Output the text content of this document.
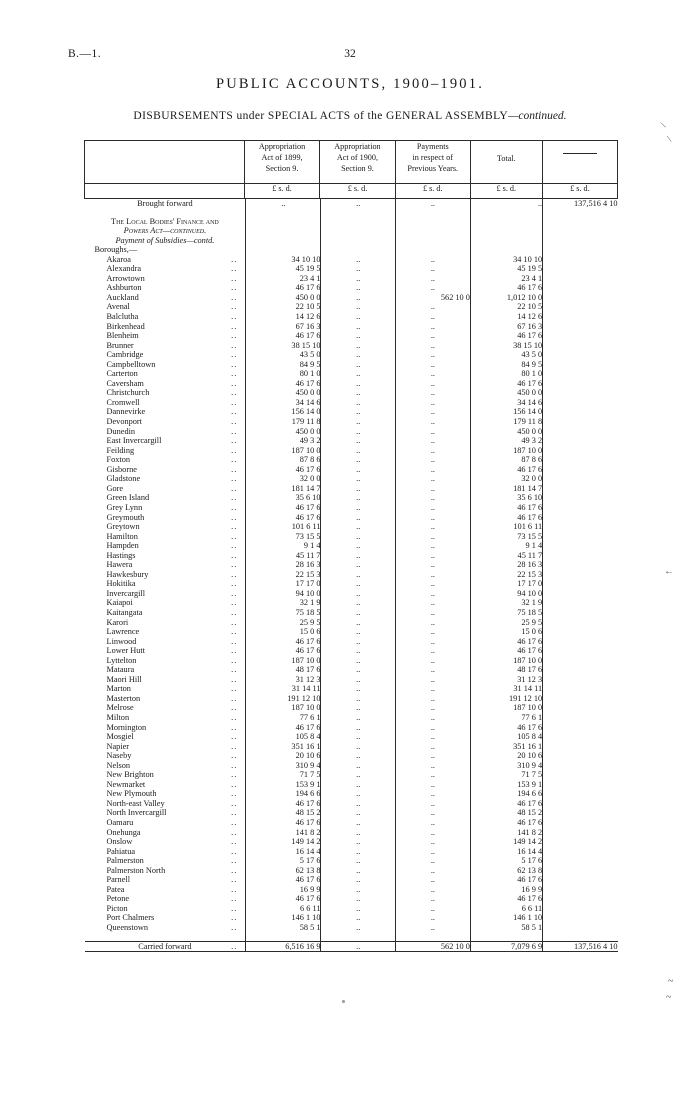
B.—1.	32
PUBLIC ACCOUNTS, 1900–1901.
DISBURSEMENTS under SPECIAL ACTS of the GENERAL ASSEMBLY—continued.

Appropriation
Act of 1899,
Section 9.

Appropriation
Act of 1900,
Section 9.

Payments
in respect of
Previous Years.

Total.

	£ s. d.	£ s. d.	£ s. d.	£ s. d.	£ s. d.

Brought forward	..	..	..	..	137,516 4 10

The Local Bodies' Finance and					
Powers Act—continued.					
Payment of Subsidies—contd.					
Boroughs,—					
Akaroa	..	34 10 10	..	..	34 10 10	
Alexandra	..	45 19 5	..	..	45 19 5	
Arrowtown	..	23 4 1	..	..	23 4 1	
Ashburton	..	46 17 6	..	..	46 17 6	
Auckland	..	450 0 0	..	562 10 0	1,012 10 0	
Avenal	..	22 10 5	..	..	22 10 5	
Balclutha	..	14 12 6	..	..	14 12 6	
Birkenhead	..	67 16 3	..	..	67 16 3	
Blenheim	..	46 17 6	..	..	46 17 6	
Brunner	..	38 15 10	..	..	38 15 10	
Cambridge	..	43 5 0	..	..	43 5 0	
Campbelltown	..	84 9 5	..	..	84 9 5	
Carterton	..	80 1 0	..	..	80 1 0	
Caversham	..	46 17 6	..	..	46 17 6	
Christchurch	..	450 0 0	..	..	450 0 0	
Cromwell	..	34 14 6	..	..	34 14 6	
Dannevirke	..	156 14 0	..	..	156 14 0	
Devonport	..	179 11 8	..	..	179 11 8	
Dunedin	..	450 0 0	..	..	450 0 0	
East Invercargill	..	49 3 2	..	..	49 3 2	
Feilding	..	187 10 0	..	..	187 10 0	
Foxton	..	87 8 6	..	..	87 8 6	
Gisborne	..	46 17 6	..	..	46 17 6	
Gladstone	..	32 0 0	..	..	32 0 0	
Gore	..	181 14 7	..	..	181 14 7	
Green Island	..	35 6 10	..	..	35 6 10	
Grey Lynn	..	46 17 6	..	..	46 17 6	
Greymouth	..	46 17 6	..	..	46 17 6	
Greytown	..	101 6 11	..	..	101 6 11	
Hamilton	..	73 15 5	..	..	73 15 5	
Hampden	..	9 1 4	..	..	9 1 4	
Hastings	..	45 11 7	..	..	45 11 7	
Hawera	..	28 16 3	..	..	28 16 3	
Hawkesbury	..	22 15 3	..	..	22 15 3	
Hokitika	..	17 17 0	..	..	17 17 0	
Invercargill	..	94 10 0	..	..	94 10 0	
Kaiapoi	..	32 1 9	..	..	32 1 9	
Kaitangata	..	75 18 5	..	..	75 18 5	
Karori	..	25 9 5	..	..	25 9 5	
Lawrence	..	15 0 6	..	..	15 0 6	
Linwood	..	46 17 6	..	..	46 17 6	
Lower Hutt	..	46 17 6	..	..	46 17 6	
Lyttelton	..	187 10 0	..	..	187 10 0	
Mataura	..	48 17 6	..	..	48 17 6	
Maori Hill	..	31 12 3	..	..	31 12 3	
Marton	..	31 14 11	..	..	31 14 11	
Masterton	..	191 12 10	..	..	191 12 10	
Melrose	..	187 10 0	..	..	187 10 0	
Milton	..	77 6 1	..	..	77 6 1	
Mornington	..	46 17 6	..	..	46 17 6	
Mosgiel	..	105 8 4	..	..	105 8 4	
Napier	..	351 16 1	..	..	351 16 1	
Naseby	..	20 10 6	..	..	20 10 6	
Nelson	..	310 9 4	..	..	310 9 4	
New Brighton	..	71 7 5	..	..	71 7 5	
Newmarket	..	153 9 1	..	..	153 9 1	
New Plymouth	..	194 6 6	..	..	194 6 6	
North-east Valley	..	46 17 6	..	..	46 17 6	
North Invercargill	..	48 15 2	..	..	48 15 2	
Oamaru	..	46 17 6	..	..	46 17 6	
Onehunga	..	141 8 2	..	..	141 8 2	
Onslow	..	149 14 2	..	..	149 14 2	
Pahiatua	..	16 14 4	..	..	16 14 4	
Palmerston	..	5 17 6	..	..	5 17 6	
Palmerston North	..	62 13 8	..	..	62 13 8	
Parnell	..	46 17 6	..	..	46 17 6	
Patea	..	16 9 9	..	..	16 9 9	
Petone	..	46 17 6	..	..	46 17 6	
Picton	..	6 6 11	..	..	6 6 11	
Port Chalmers	..	146 1 10	..	..	146 1 10	
Queenstown	..	58 5 1	..	..	58 5 1	

Carried forward	..	6,516 16 9	..	562 10 0	7,079 6 9	137,516 4 10
\
\
←
~
~
